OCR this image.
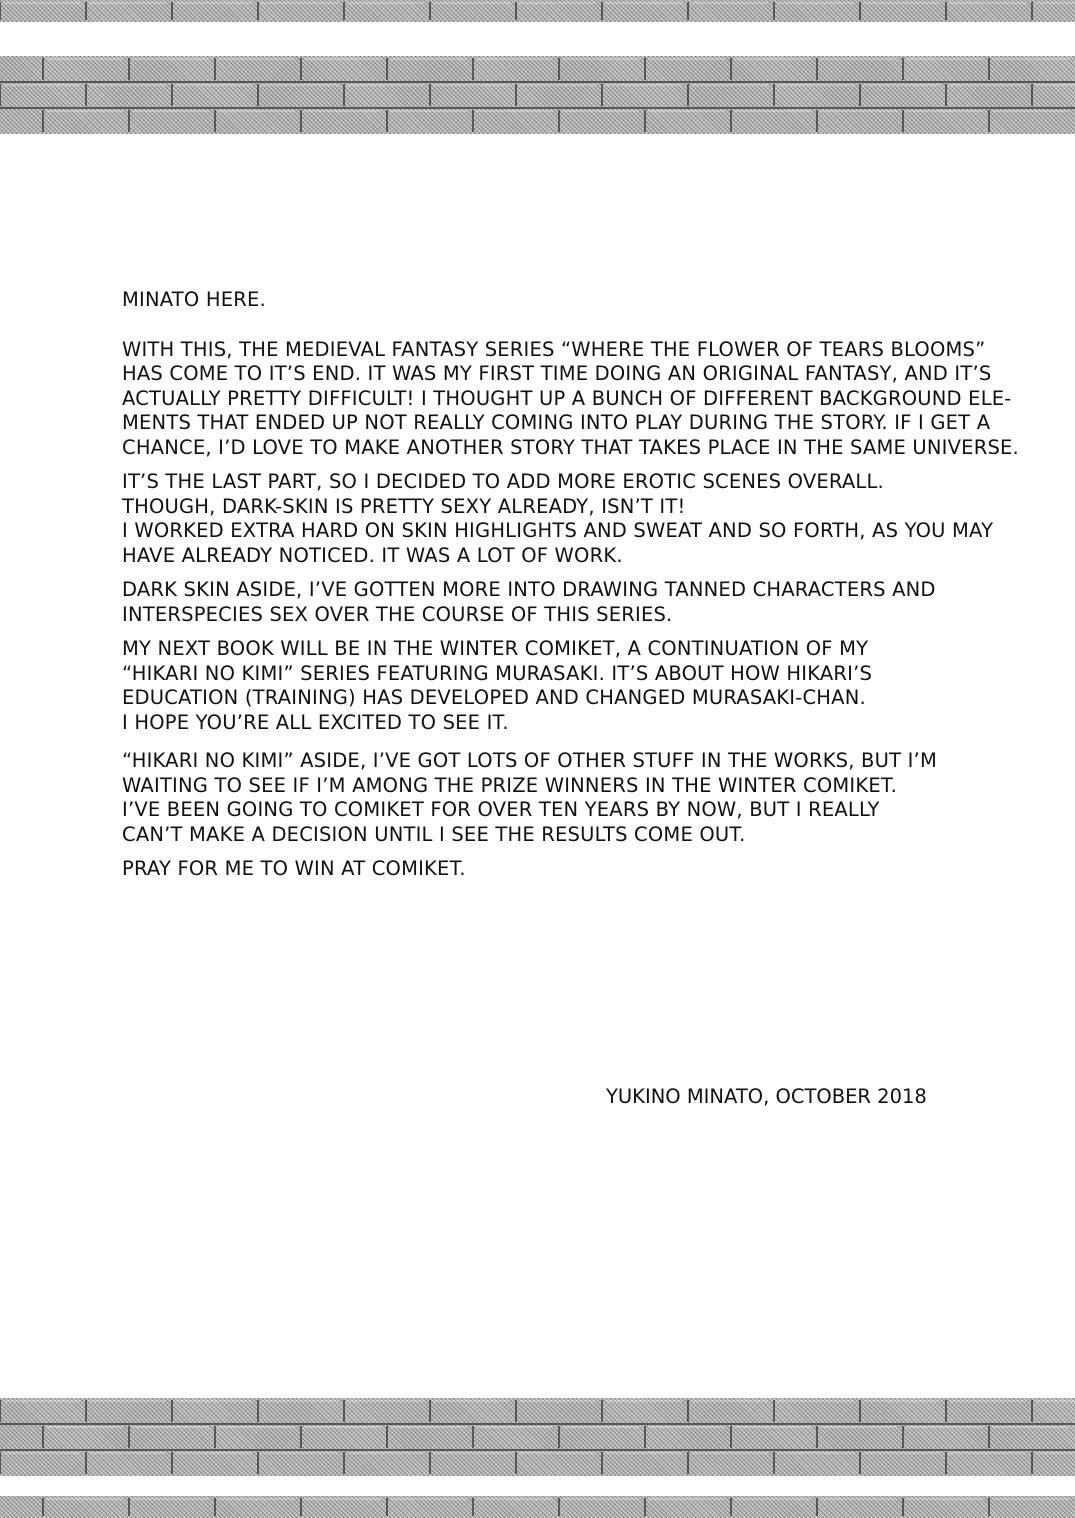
MINATO HERE.

WITH THIS, THE MEDIEVAL FANTASY SERIES “WHERE THE FLOWER OF TEARS BLOOMS”
HAS COME TO IT’S END. IT WAS MY FIRST TIME DOING AN ORIGINAL FANTASY, AND IT’S
ACTUALLY PRETTY DIFFICULT! I THOUGHT UP A BUNCH OF DIFFERENT BACKGROUND ELE-
MENTS THAT ENDED UP NOT REALLY COMING INTO PLAY DURING THE STORY. IF I GET A
CHANCE, I’D LOVE TO MAKE ANOTHER STORY THAT TAKES PLACE IN THE SAME UNIVERSE.

IT’S THE LAST PART, SO I DECIDED TO ADD MORE EROTIC SCENES OVERALL.
THOUGH, DARK-SKIN IS PRETTY SEXY ALREADY, ISN’T IT!
I WORKED EXTRA HARD ON SKIN HIGHLIGHTS AND SWEAT AND SO FORTH, AS YOU MAY
HAVE ALREADY NOTICED. IT WAS A LOT OF WORK.

DARK SKIN ASIDE, I’VE GOTTEN MORE INTO DRAWING TANNED CHARACTERS AND
INTERSPECIES SEX OVER THE COURSE OF THIS SERIES.

MY NEXT BOOK WILL BE IN THE WINTER COMIKET, A CONTINUATION OF MY
“HIKARI NO KIMI” SERIES FEATURING MURASAKI. IT’S ABOUT HOW HIKARI’S
EDUCATION (TRAINING) HAS DEVELOPED AND CHANGED MURASAKI-CHAN.
I HOPE YOU’RE ALL EXCITED TO SEE IT.

“HIKARI NO KIMI” ASIDE, I’VE GOT LOTS OF OTHER STUFF IN THE WORKS, BUT I’M
WAITING TO SEE IF I’M AMONG THE PRIZE WINNERS IN THE WINTER COMIKET.
I’VE BEEN GOING TO COMIKET FOR OVER TEN YEARS BY NOW, BUT I REALLY
CAN’T MAKE A DECISION UNTIL I SEE THE RESULTS COME OUT.

PRAY FOR ME TO WIN AT COMIKET.

YUKINO MINATO, OCTOBER 2018
